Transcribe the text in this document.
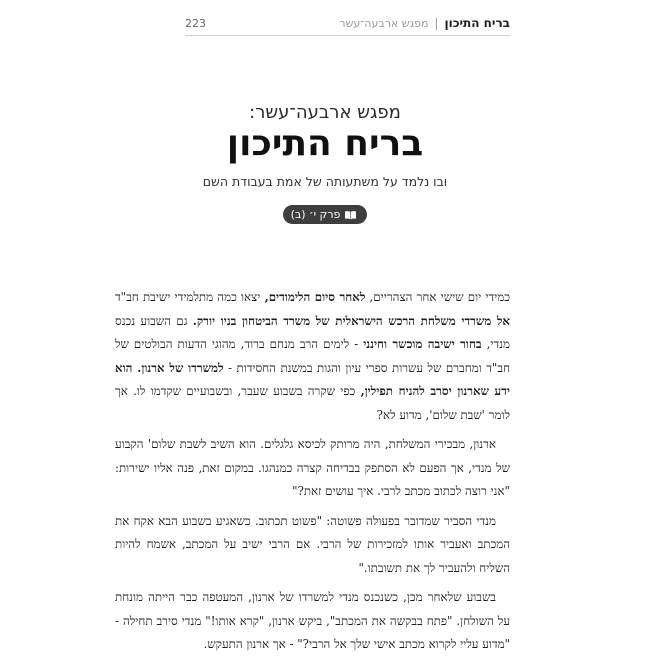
בריח התיכון
|
מפגש ארבעה־עשר
223
מפגש ארבעה־עשר:
בריח התיכון
ובו נלמד על משתעותה של אמת בעבודת השם
פרק י׳ (ב)

כמידי יום שישי אחר הצהריים, לאחר סיום הלימודים, יצאו כמה מתלמידי ישיבת חב"ד אל משרדי משלחת הרכש הישראלית של משרד הביטחון בניו יורק. גם השבוע נכנס מנדי, בחור ישיבה מוכשר וחינני - לימים הרב מנחם ברוד, מהוגי הדעות הבולטים של חב"ד ומחברם של עשרות ספרי עיון והגות במשנת החסידות - למשרדו של ארנון. הוא ידע שארנון יסרב להניח תפילין, כפי שקרה בשבוע שעבר, ובשבועיים שקדמו לו. אך לומר 'שבת שלום', מדוע לא?

ארנון, מבכירי המשלחת, היה מרותק לכיסא גלגלים. הוא השיב לשבת שלום' הקבוע של מנדי, אך הפעם לא הסתפק בבדיחה קצרה כמנהגו. במקום זאת, פנה אליו ישירות: "אני רוצה לכתוב מכתב לרבי. איך עושים זאת?"

מנדי הסביר שמדובר בפעולה פשוטה: "פשוט תכתוב. כשאגיע בשבוע הבא אקח את המכתב ואעביר אותו למזכירות של הרבי. אם הרבי ישיב על המכתב, אשמח להיות השליח ולהעביר לך את תשובתו."

בשבוע שלאחר מכן, כשנכנס מנדי למשרדו של ארנון, המעטפה כבר הייתה מונחת על השולחן. "פתח בבקשה את המכתב", ביקש ארנון, "קרא אותו!" מנדי סירב תחילה - "מדוע עליי לקרוא מכתב אישי שלך אל הרבי?" - אך ארנון התעקש.
